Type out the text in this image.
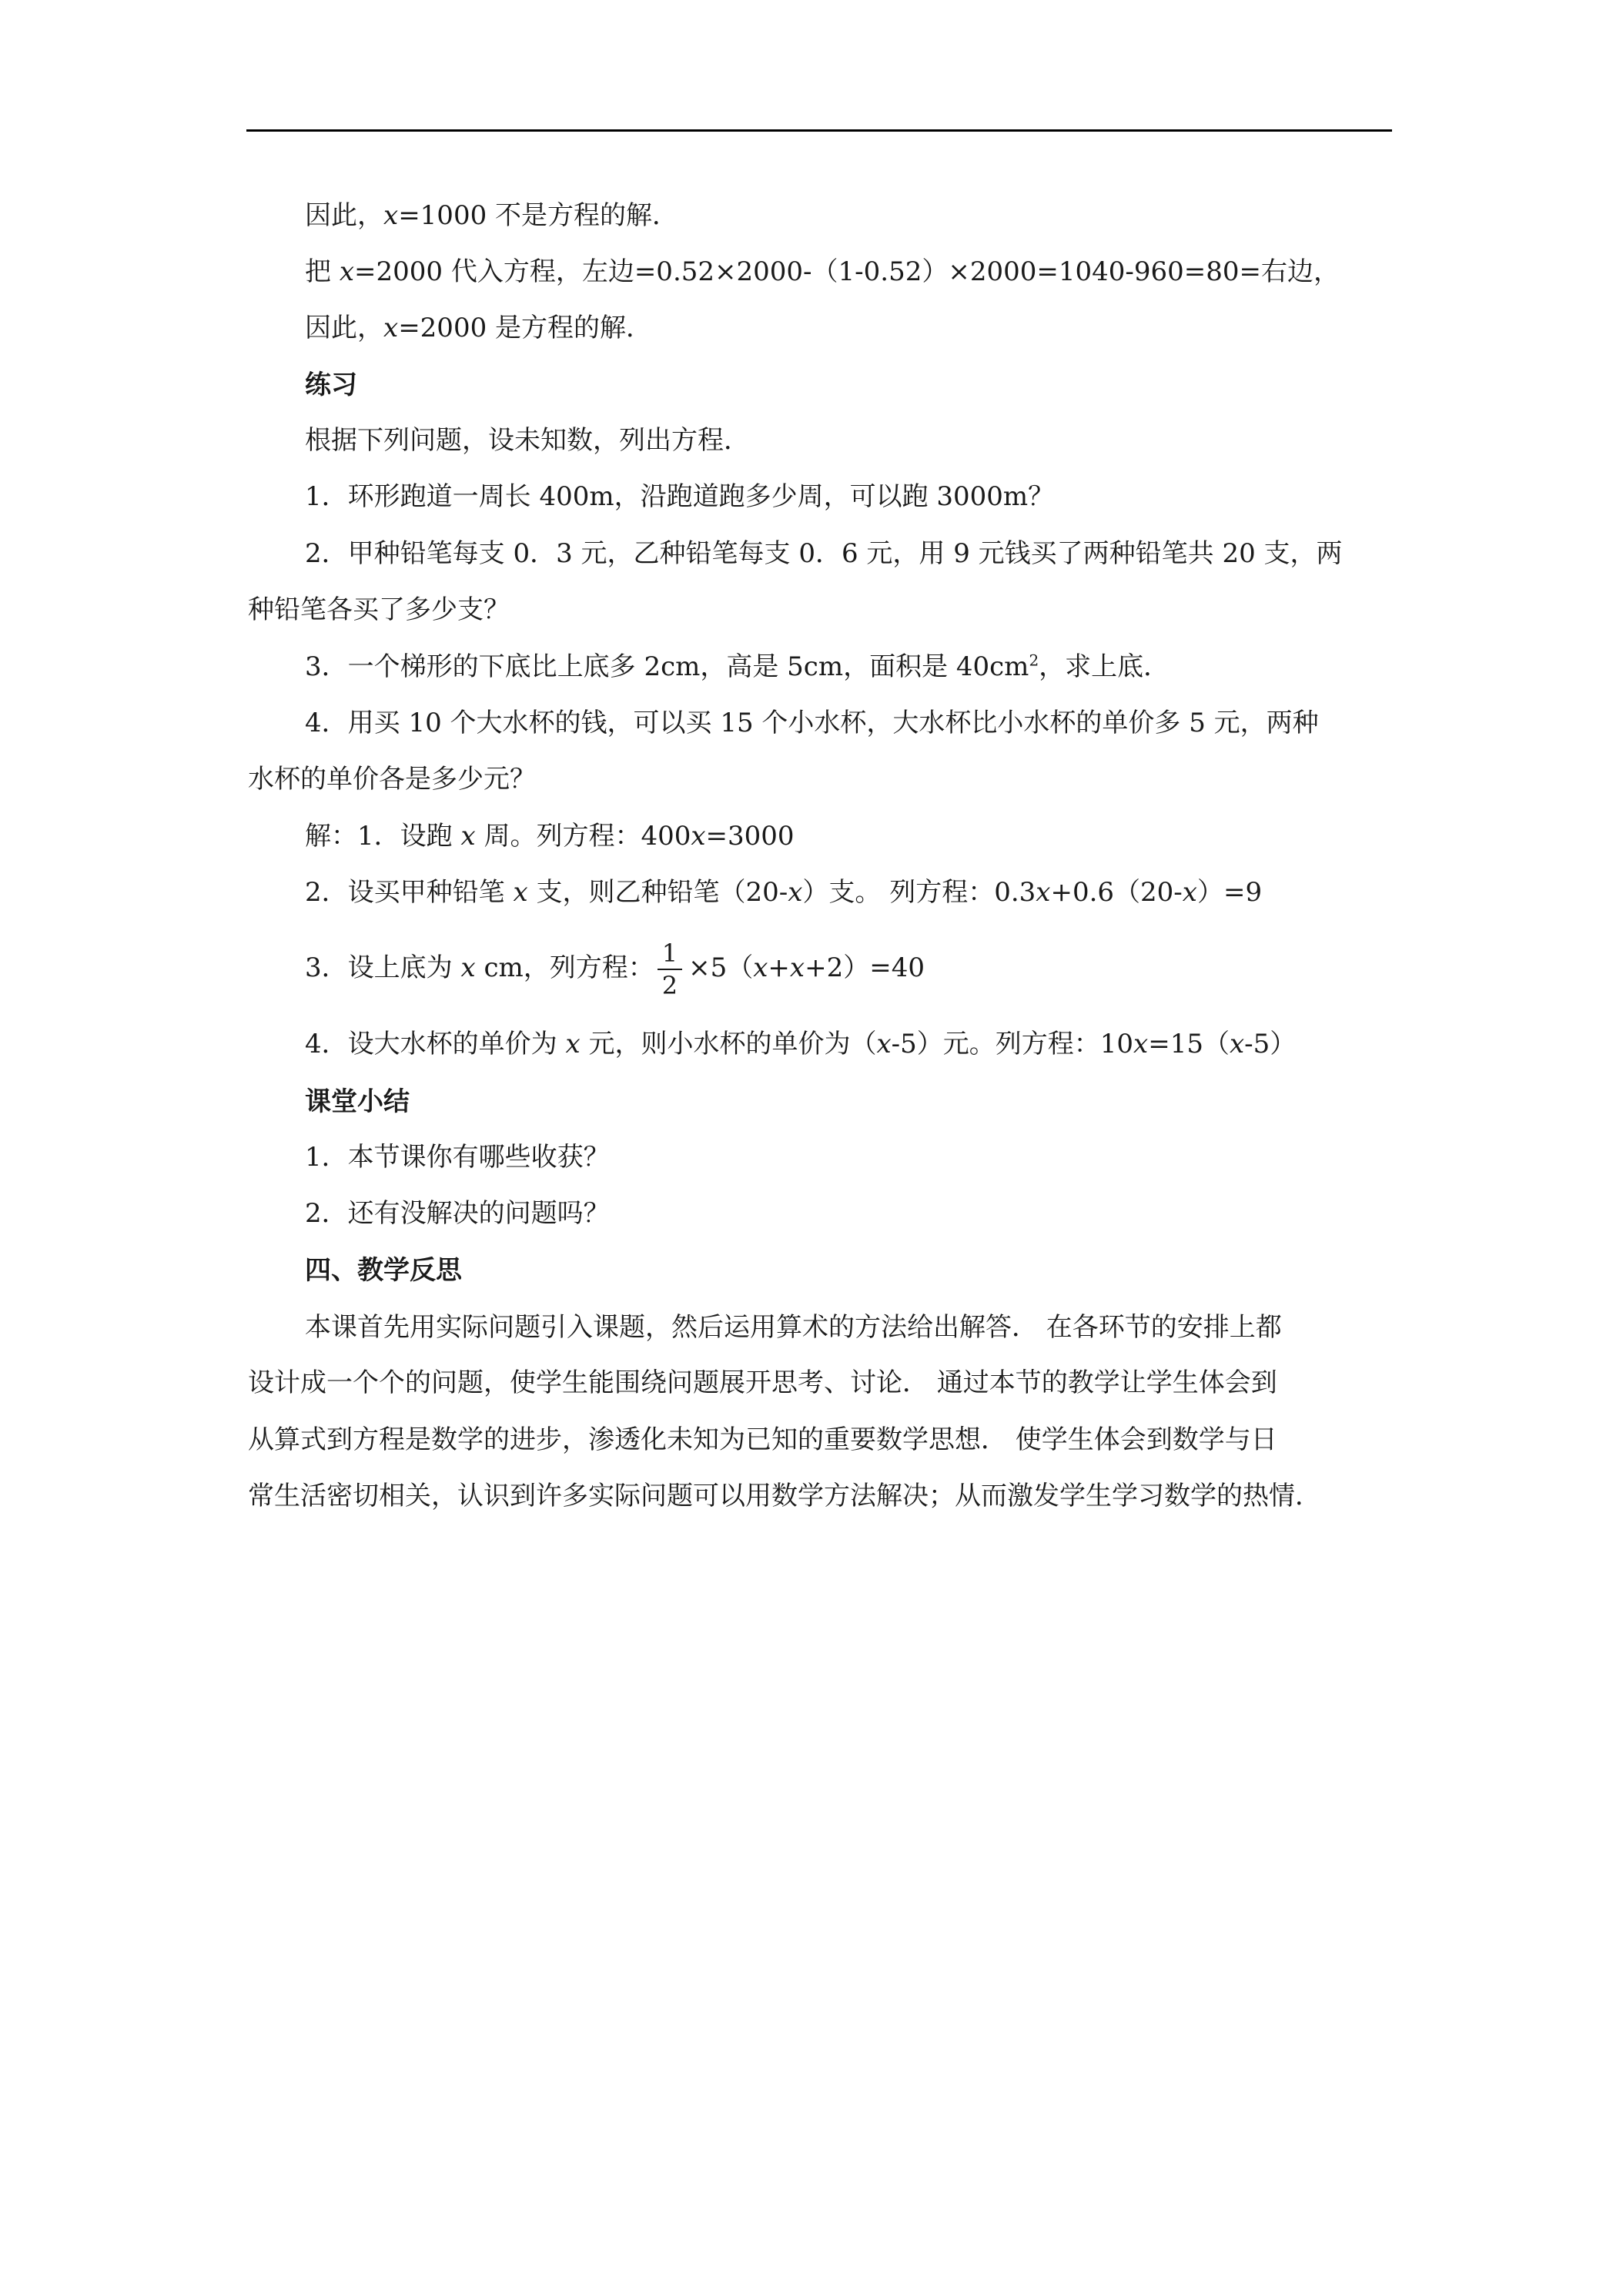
因此，x=1000 不是方程的解．
把 x=2000 代入方程，左边=0.52×2000-（1-0.52）×2000=1040-960=80=右边，
因此，x=2000 是方程的解．
练习
根据下列问题，设未知数，列出方程．
1．环形跑道一周长 400m，沿跑道跑多少周，可以跑 3000m？
2．甲种铅笔每支 0．3 元，乙种铅笔每支 0．6 元，用 9 元钱买了两种铅笔共 20 支，两
种铅笔各买了多少支？
3．一个梯形的下底比上底多 2cm，高是 5cm，面积是 $40cm^2$，求上底．
4．用买 10 个大水杯的钱，可以买 15 个小水杯，大水杯比小水杯的单价多 5 元，两种
水杯的单价各是多少元？
解：1．设跑 x 周。列方程：400x=3000
2．设买甲种铅笔 x 支，则乙种铅笔（20-x）支。 列方程：0.3x+0.6（20-x）=9
3．设上底为 x cm，列方程： $\frac{1}{2} \times 5(x+x+2)=40$
4．设大水杯的单价为 x 元，则小水杯的单价为（x-5）元。列方程：10x=15（x-5）
课堂小结
1．本节课你有哪些收获？
2．还有没解决的问题吗？
四、教学反思
本课首先用实际问题引入课题，然后运用算术的方法给出解答． 在各环节的安排上都
设计成一个个的问题，使学生能围绕问题展开思考、讨论． 通过本节的教学让学生体会到
从算式到方程是数学的进步，渗透化未知为已知的重要数学思想． 使学生体会到数学与日
常生活密切相关，认识到许多实际问题可以用数学方法解决；从而激发学生学习数学的热情．
